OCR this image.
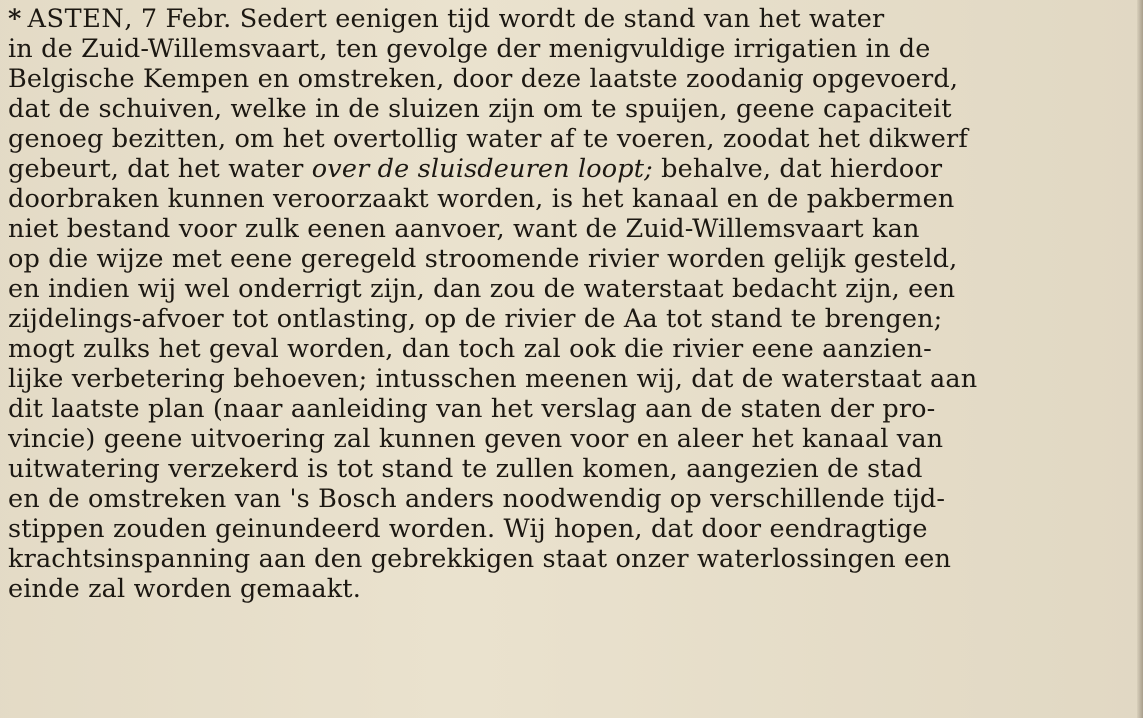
* ASTEN, 7 Febr. Sedert eenigen tijd wordt de stand van het water
in de Zuid-Willemsvaart, ten gevolge der menigvuldige irrigatien in de
Belgische Kempen en omstreken, door deze laatste zoodanig opgevoerd,
dat de schuiven, welke in de sluizen zijn om te spuijen, geene capaciteit
genoeg bezitten, om het overtollig water af te voeren, zoodat het dikwerf
gebeurt, dat het water over de sluisdeuren loopt; behalve, dat hierdoor
doorbraken kunnen veroorzaakt worden, is het kanaal en de pakbermen
niet bestand voor zulk eenen aanvoer, want de Zuid-Willemsvaart kan
op die wijze met eene geregeld stroomende rivier worden gelijk gesteld,
en indien wij wel onderrigt zijn, dan zou de waterstaat bedacht zijn, een
zijdelings-afvoer tot ontlasting, op de rivier de Aa tot stand te brengen;
mogt zulks het geval worden, dan toch zal ook die rivier eene aanzien-
lijke verbetering behoeven; intusschen meenen wij, dat de waterstaat aan
dit laatste plan (naar aanleiding van het verslag aan de staten der pro-
vincie) geene uitvoering zal kunnen geven voor en aleer het kanaal van
uitwatering verzekerd is tot stand te zullen komen, aangezien de stad
en de omstreken van 's Bosch anders noodwendig op verschillende tijd-
stippen zouden geinundeerd worden. Wij hopen, dat door eendragtige
krachtsinspanning aan den gebrekkigen staat onzer waterlossingen een
einde zal worden gemaakt.
